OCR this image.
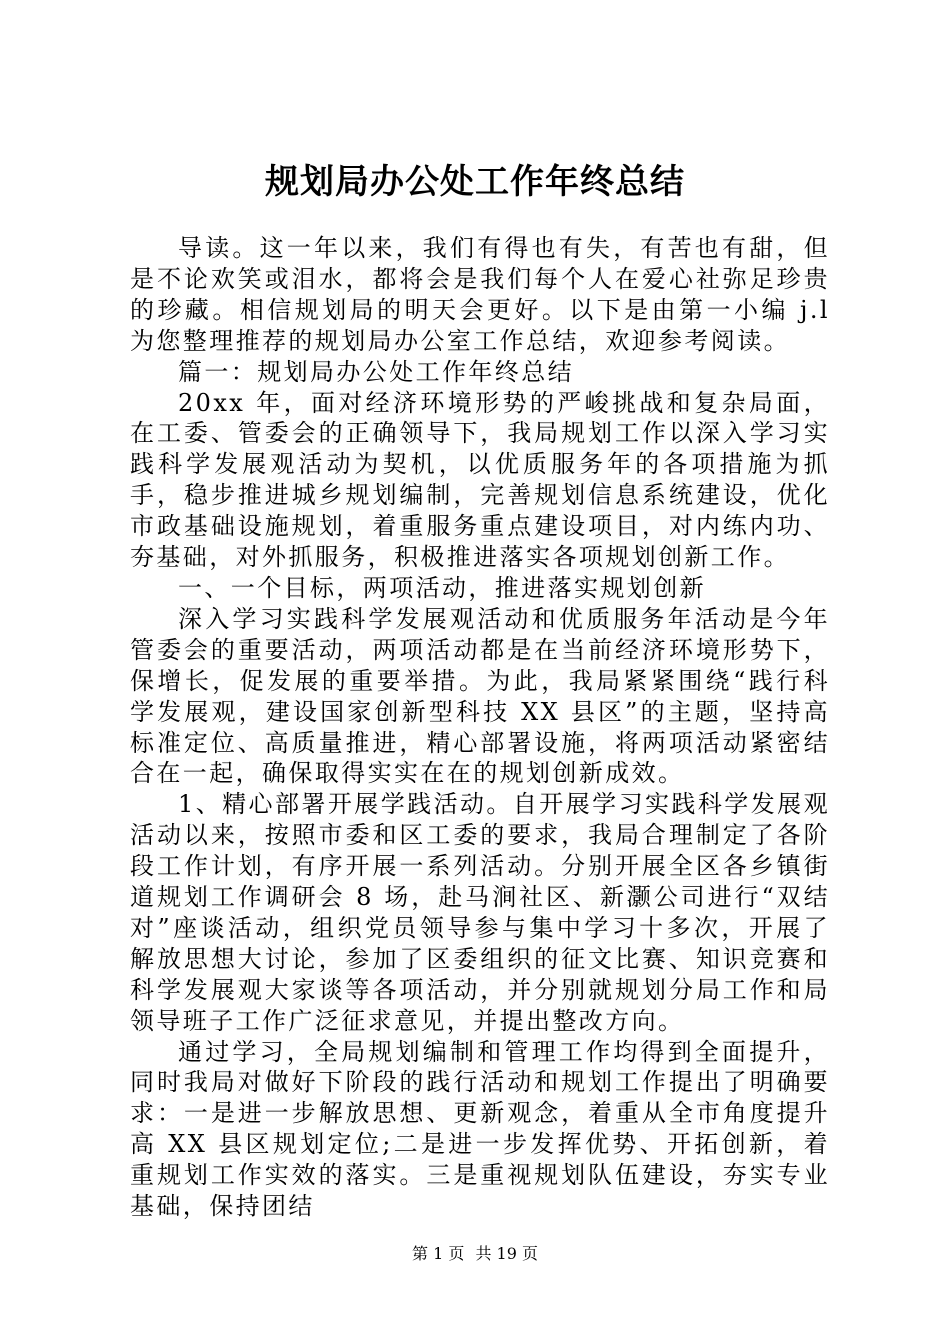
规划局办公处工作年终总结

导读。这一年以来，我们有得也有失，有苦也有甜，但是不论欢笑或泪水，都将会是我们每个人在爱心社弥足珍贵的珍藏。相信规划局的明天会更好。以下是由第一小编 j.l 为您整理推荐的规划局办公室工作总结，欢迎参考阅读。

篇一：规划局办公处工作年终总结

20xx 年，面对经济环境形势的严峻挑战和复杂局面，在工委、管委会的正确领导下，我局规划工作以深入学习实践科学发展观活动为契机，以优质服务年的各项措施为抓手，稳步推进城乡规划编制，完善规划信息系统建设，优化市政基础设施规划，着重服务重点建设项目，对内练内功、夯基础，对外抓服务，积极推进落实各项规划创新工作。

一、一个目标，两项活动，推进落实规划创新

深入学习实践科学发展观活动和优质服务年活动是今年管委会的重要活动，两项活动都是在当前经济环境形势下，保增长，促发展的重要举措。为此，我局紧紧围绕“践行科学发展观，建设国家创新型科技 XX 县区”的主题，坚持高标准定位、高质量推进，精心部署设施，将两项活动紧密结合在一起，确保取得实实在在的规划创新成效。

1、精心部署开展学践活动。自开展学习实践科学发展观活动以来，按照市委和区工委的要求，我局合理制定了各阶段工作计划，有序开展一系列活动。分别开展全区各乡镇街道规划工作调研会 8 场，赴马涧社区、新灏公司进行“双结对”座谈活动，组织党员领导参与集中学习十多次，开展了解放思想大讨论，参加了区委组织的征文比赛、知识竞赛和科学发展观大家谈等各项活动，并分别就规划分局工作和局领导班子工作广泛征求意见，并提出整改方向。

通过学习，全局规划编制和管理工作均得到全面提升，同时我局对做好下阶段的践行活动和规划工作提出了明确要求：一是进一步解放思想、更新观念，着重从全市角度提升高 XX 县区规划定位;二是进一步发挥优势、开拓创新，着重规划工作实效的落实。三是重视规划队伍建设，夯实专业基础，保持团结

第 1 页 共 19 页
